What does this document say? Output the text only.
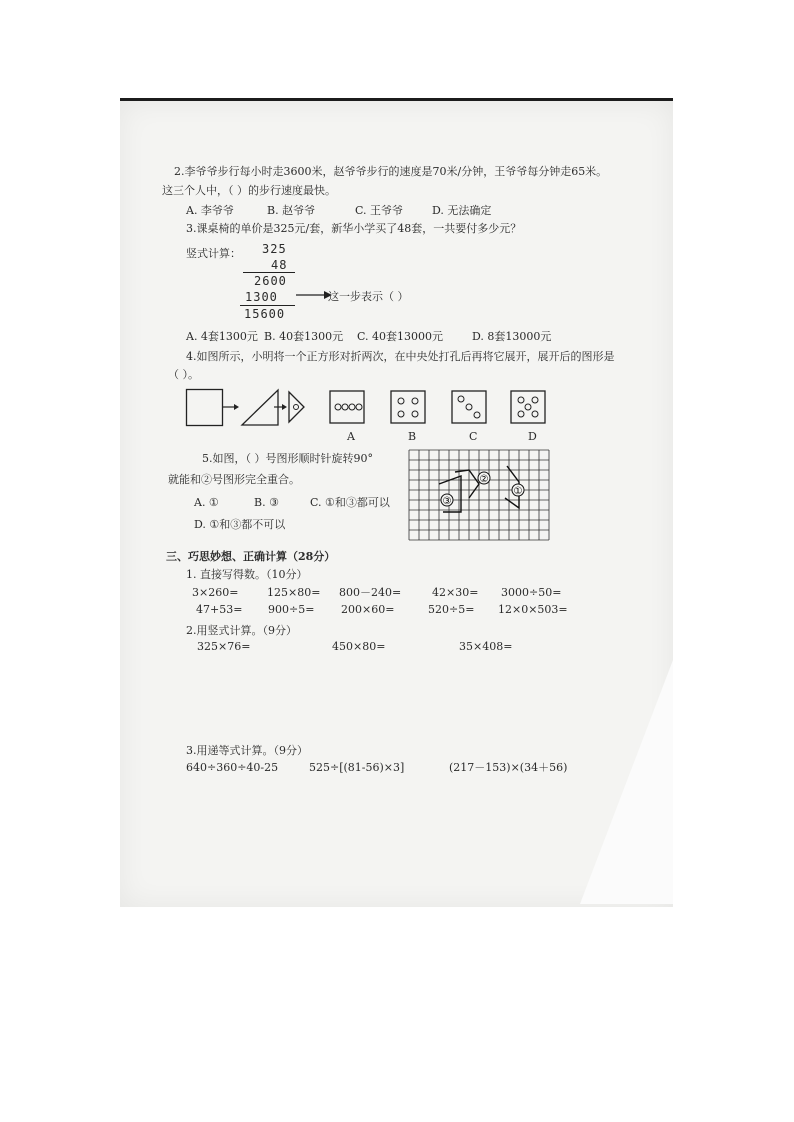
2.李爷爷步行每小时走3600米，赵爷爷步行的速度是70米/分钟，王爷爷每分钟走65米。
这三个人中，（ ）的步行速度最快。
A. 李爷爷	B. 赵爷爷	C. 王爷爷	D. 无法确定
3.课桌椅的单价是325元/套，新华小学买了48套，一共要付多少元？
竖式计算： 325
48
2600
1300	这一步表示（ ）
15600
A. 4套1300元 B. 40套1300元 C. 40套13000元	D. 8套13000元
4.如图所示，小明将一个正方形对折两次，在中央处打孔后再将它展开，展开后的图形是
（ ）。
A	B	C	D
5.如图，（ ）号图形顺时针旋转90°
就能和②号图形完全重合。
A. ①	B. ③	C. ①和③都可以
D. ①和③都不可以
②
①
③
三、巧思妙想、正确计算（28分）
1. 直接写得数。（10分）
3×260=	125×80= 800－240=	42×30= 3000÷50=
47+53= 900÷5= 200×60=	520÷5= 12×0×503=
2.用竖式计算。（9分）
325×76=	450×80=	35×408=
3.用递等式计算。（9分）
640÷360÷40-25	525÷[(81-56)×3]	(217－153)×(34＋56)
